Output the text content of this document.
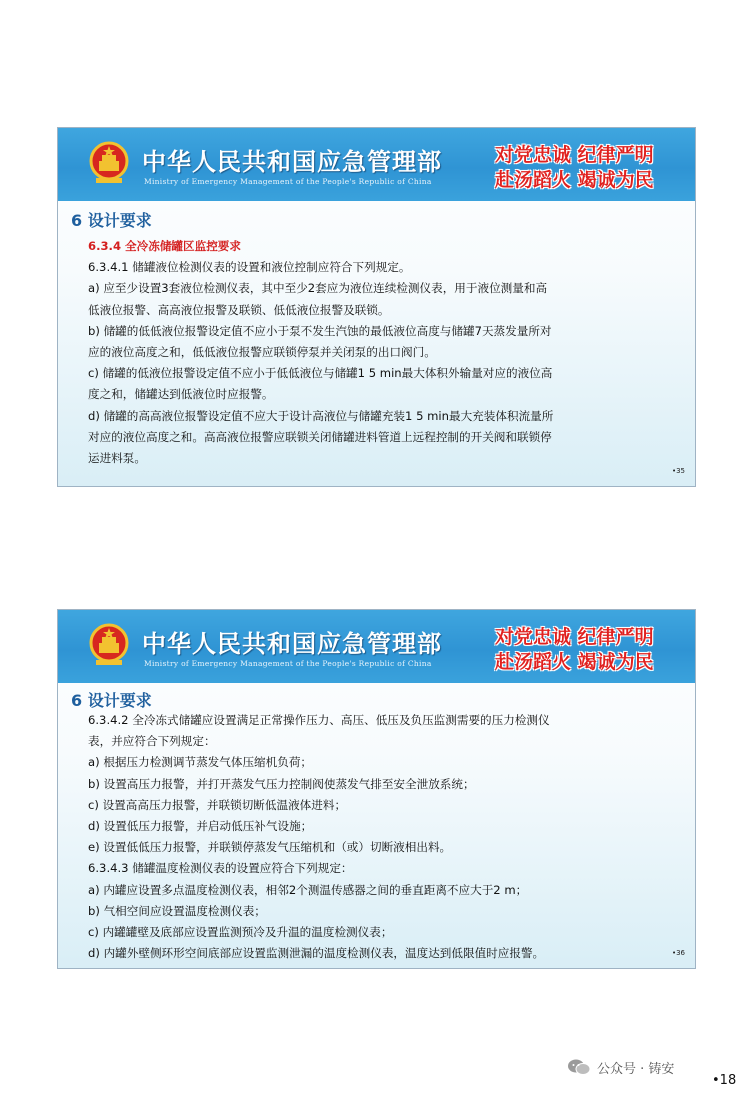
中华人民共和国应急管理部
Ministry of Emergency Management of the People's Republic of China
对党忠诚 纪律严明
赴汤蹈火 竭诚为民
6 设计要求

6.3.4 全冷冻储罐区监控要求

6.3.4.1 储罐液位检测仪表的设置和液位控制应符合下列规定。

a) 应至少设置3套液位检测仪表，其中至少2套应为液位连续检测仪表，用于液位测量和高

低液位报警、高高液位报警及联锁、低低液位报警及联锁。

b) 储罐的低低液位报警设定值不应小于泵不发生汽蚀的最低液位高度与储罐7天蒸发量所对

应的液位高度之和，低低液位报警应联锁停泵并关闭泵的出口阀门。

c) 储罐的低液位报警设定值不应小于低低液位与储罐1 5 min最大体积外输量对应的液位高

度之和，储罐达到低液位时应报警。

d) 储罐的高高液位报警设定值不应大于设计高液位与储罐充装1 5 min最大充装体积流量所

对应的液位高度之和。高高液位报警应联锁关闭储罐进料管道上远程控制的开关阀和联锁停

运进料泵。

•35
中华人民共和国应急管理部
Ministry of Emergency Management of the People's Republic of China
对党忠诚 纪律严明
赴汤蹈火 竭诚为民
6 设计要求

6.3.4.2 全冷冻式储罐应设置满足正常操作压力、高压、低压及负压监测需要的压力检测仪

表，并应符合下列规定：

a) 根据压力检测调节蒸发气体压缩机负荷；

b) 设置高压力报警，并打开蒸发气压力控制阀使蒸发气排至安全泄放系统；

c) 设置高高压力报警，并联锁切断低温液体进料；

d) 设置低压力报警，并启动低压补气设施；

e) 设置低低压力报警，并联锁停蒸发气压缩机和（或）切断液相出料。

6.3.4.3 储罐温度检测仪表的设置应符合下列规定：

a) 内罐应设置多点温度检测仪表，相邻2个测温传感器之间的垂直距离不应大于2 m；

b) 气相空间应设置温度检测仪表；

c) 内罐罐壁及底部应设置监测预冷及升温的温度检测仪表；

d) 内罐外壁侧环形空间底部应设置监测泄漏的温度检测仪表，温度达到低限值时应报警。	•36
公众号 · 铸安
•18
